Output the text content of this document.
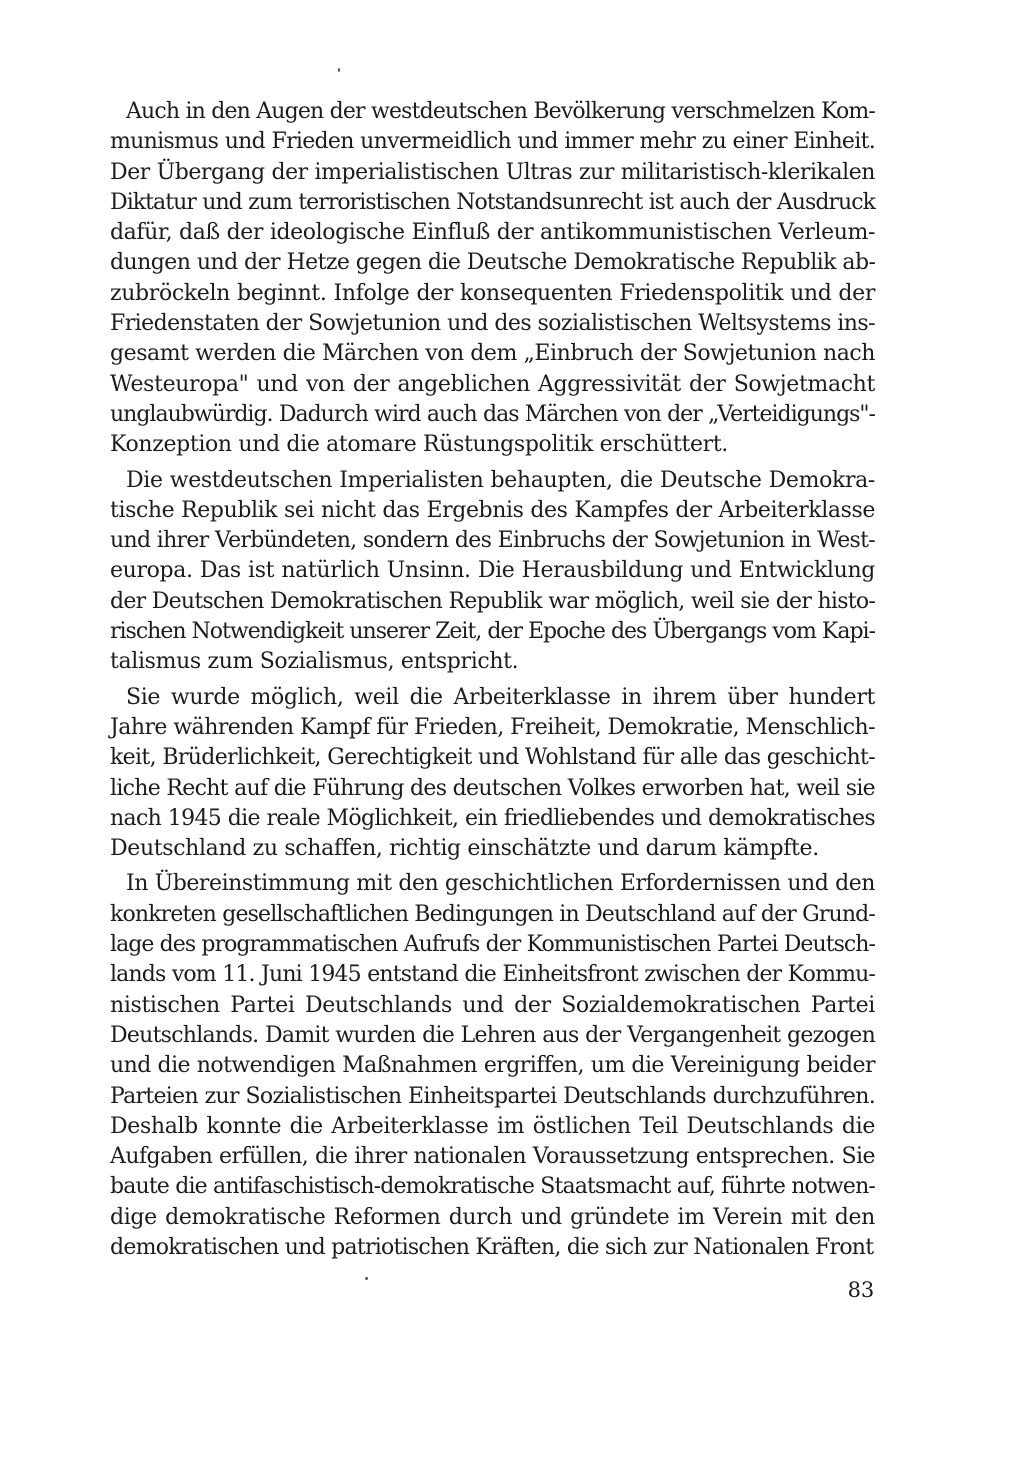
Auch in den Augen der westdeutschen Bevölkerung verschmelzen Kom-
munismus und Frieden unvermeidlich und immer mehr zu einer Einheit.
Der Übergang der imperialistischen Ultras zur militaristisch-klerikalen
Diktatur und zum terroristischen Notstandsunrecht ist auch der Ausdruck
dafür, daß der ideologische Einfluß der antikommunistischen Verleum-
dungen und der Hetze gegen die Deutsche Demokratische Republik ab-
zubröckeln beginnt. Infolge der konsequenten Friedenspolitik und der
Friedenstaten der Sowjetunion und des sozialistischen Weltsystems ins-
gesamt werden die Märchen von dem „Einbruch der Sowjetunion nach
Westeuropa" und von der angeblichen Aggressivität der Sowjetmacht
unglaubwürdig. Dadurch wird auch das Märchen von der „Verteidigungs"-
Konzeption und die atomare Rüstungspolitik erschüttert.
Die westdeutschen Imperialisten behaupten, die Deutsche Demokra-
tische Republik sei nicht das Ergebnis des Kampfes der Arbeiterklasse
und ihrer Verbündeten, sondern des Einbruchs der Sowjetunion in West-
europa. Das ist natürlich Unsinn. Die Herausbildung und Entwicklung
der Deutschen Demokratischen Republik war möglich, weil sie der histo-
rischen Notwendigkeit unserer Zeit, der Epoche des Übergangs vom Kapi-
talismus zum Sozialismus, entspricht.
Sie wurde möglich, weil die Arbeiterklasse in ihrem über hundert
Jahre währenden Kampf für Frieden, Freiheit, Demokratie, Menschlich-
keit, Brüderlichkeit, Gerechtigkeit und Wohlstand für alle das geschicht-
liche Recht auf die Führung des deutschen Volkes erworben hat, weil sie
nach 1945 die reale Möglichkeit, ein friedliebendes und demokratisches
Deutschland zu schaffen, richtig einschätzte und darum kämpfte.
In Übereinstimmung mit den geschichtlichen Erfordernissen und den
konkreten gesellschaftlichen Bedingungen in Deutschland auf der Grund-
lage des programmatischen Aufrufs der Kommunistischen Partei Deutsch-
lands vom 11. Juni 1945 entstand die Einheitsfront zwischen der Kommu-
nistischen Partei Deutschlands und der Sozialdemokratischen Partei
Deutschlands. Damit wurden die Lehren aus der Vergangenheit gezogen
und die notwendigen Maßnahmen ergriffen, um die Vereinigung beider
Parteien zur Sozialistischen Einheitspartei Deutschlands durchzuführen.
Deshalb konnte die Arbeiterklasse im östlichen Teil Deutschlands die
Aufgaben erfüllen, die ihrer nationalen Voraussetzung entsprechen. Sie
baute die antifaschistisch-demokratische Staatsmacht auf, führte notwen-
dige demokratische Reformen durch und gründete im Verein mit den
demokratischen und patriotischen Kräften, die sich zur Nationalen Front
83
